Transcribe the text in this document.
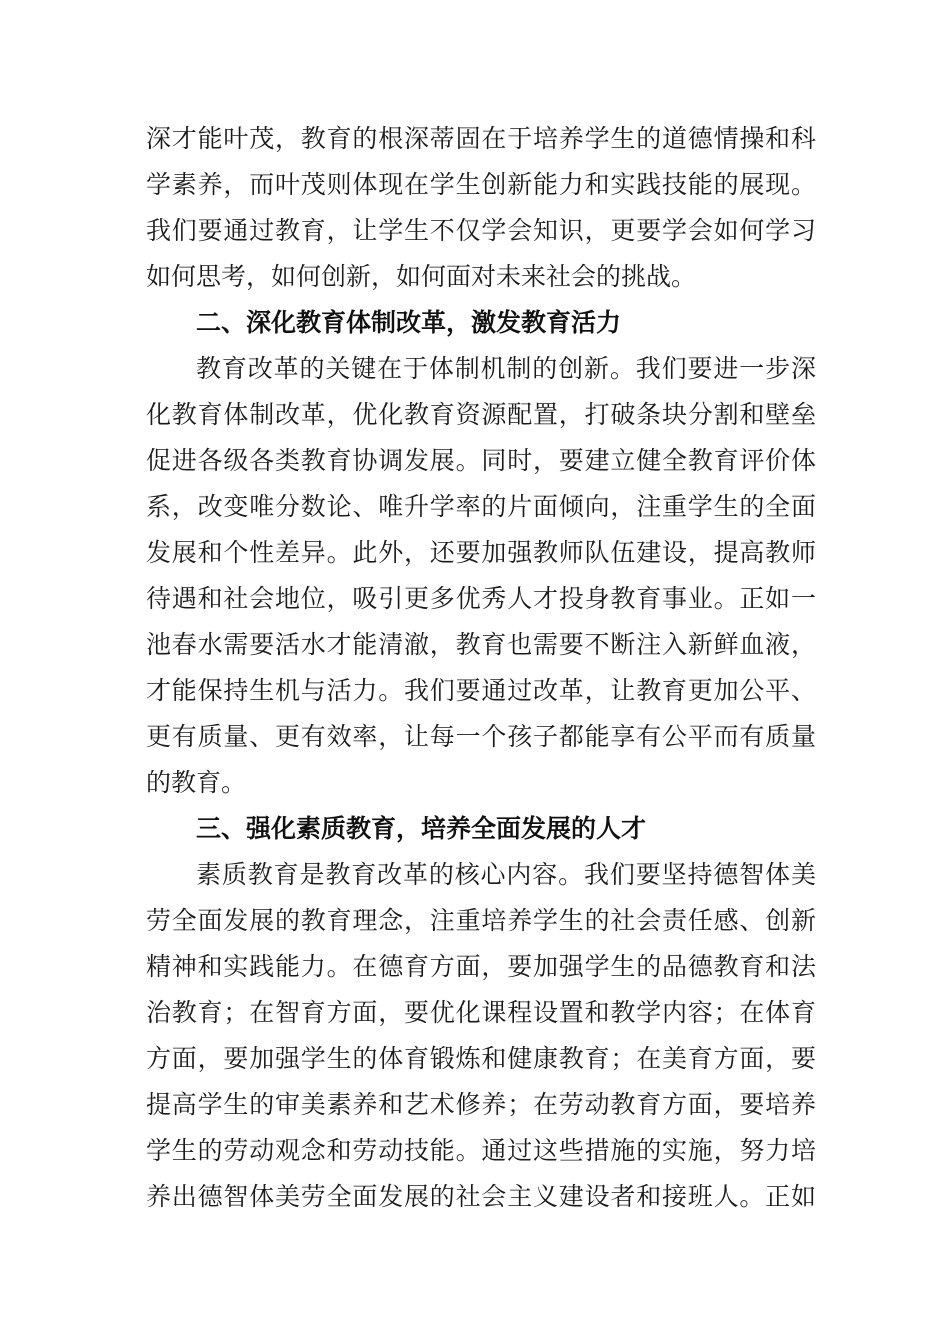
深才能叶茂，教育的根深蒂固在于培养学生的道德情操和科
学素养，而叶茂则体现在学生创新能力和实践技能的展现。
我们要通过教育，让学生不仅学会知识，更要学会如何学习
如何思考，如何创新，如何面对未来社会的挑战。
二、深化教育体制改革，激发教育活力
教育改革的关键在于体制机制的创新。我们要进一步深
化教育体制改革，优化教育资源配置，打破条块分割和壁垒
促进各级各类教育协调发展。同时，要建立健全教育评价体
系，改变唯分数论、唯升学率的片面倾向，注重学生的全面
发展和个性差异。此外，还要加强教师队伍建设，提高教师
待遇和社会地位，吸引更多优秀人才投身教育事业。正如一
池春水需要活水才能清澈，教育也需要不断注入新鲜血液，
才能保持生机与活力。我们要通过改革，让教育更加公平、
更有质量、更有效率，让每一个孩子都能享有公平而有质量
的教育。
三、强化素质教育，培养全面发展的人才
素质教育是教育改革的核心内容。我们要坚持德智体美
劳全面发展的教育理念，注重培养学生的社会责任感、创新
精神和实践能力。在德育方面，要加强学生的品德教育和法
治教育；在智育方面，要优化课程设置和教学内容；在体育
方面，要加强学生的体育锻炼和健康教育；在美育方面，要
提高学生的审美素养和艺术修养；在劳动教育方面，要培养
学生的劳动观念和劳动技能。通过这些措施的实施，努力培
养出德智体美劳全面发展的社会主义建设者和接班人。正如
